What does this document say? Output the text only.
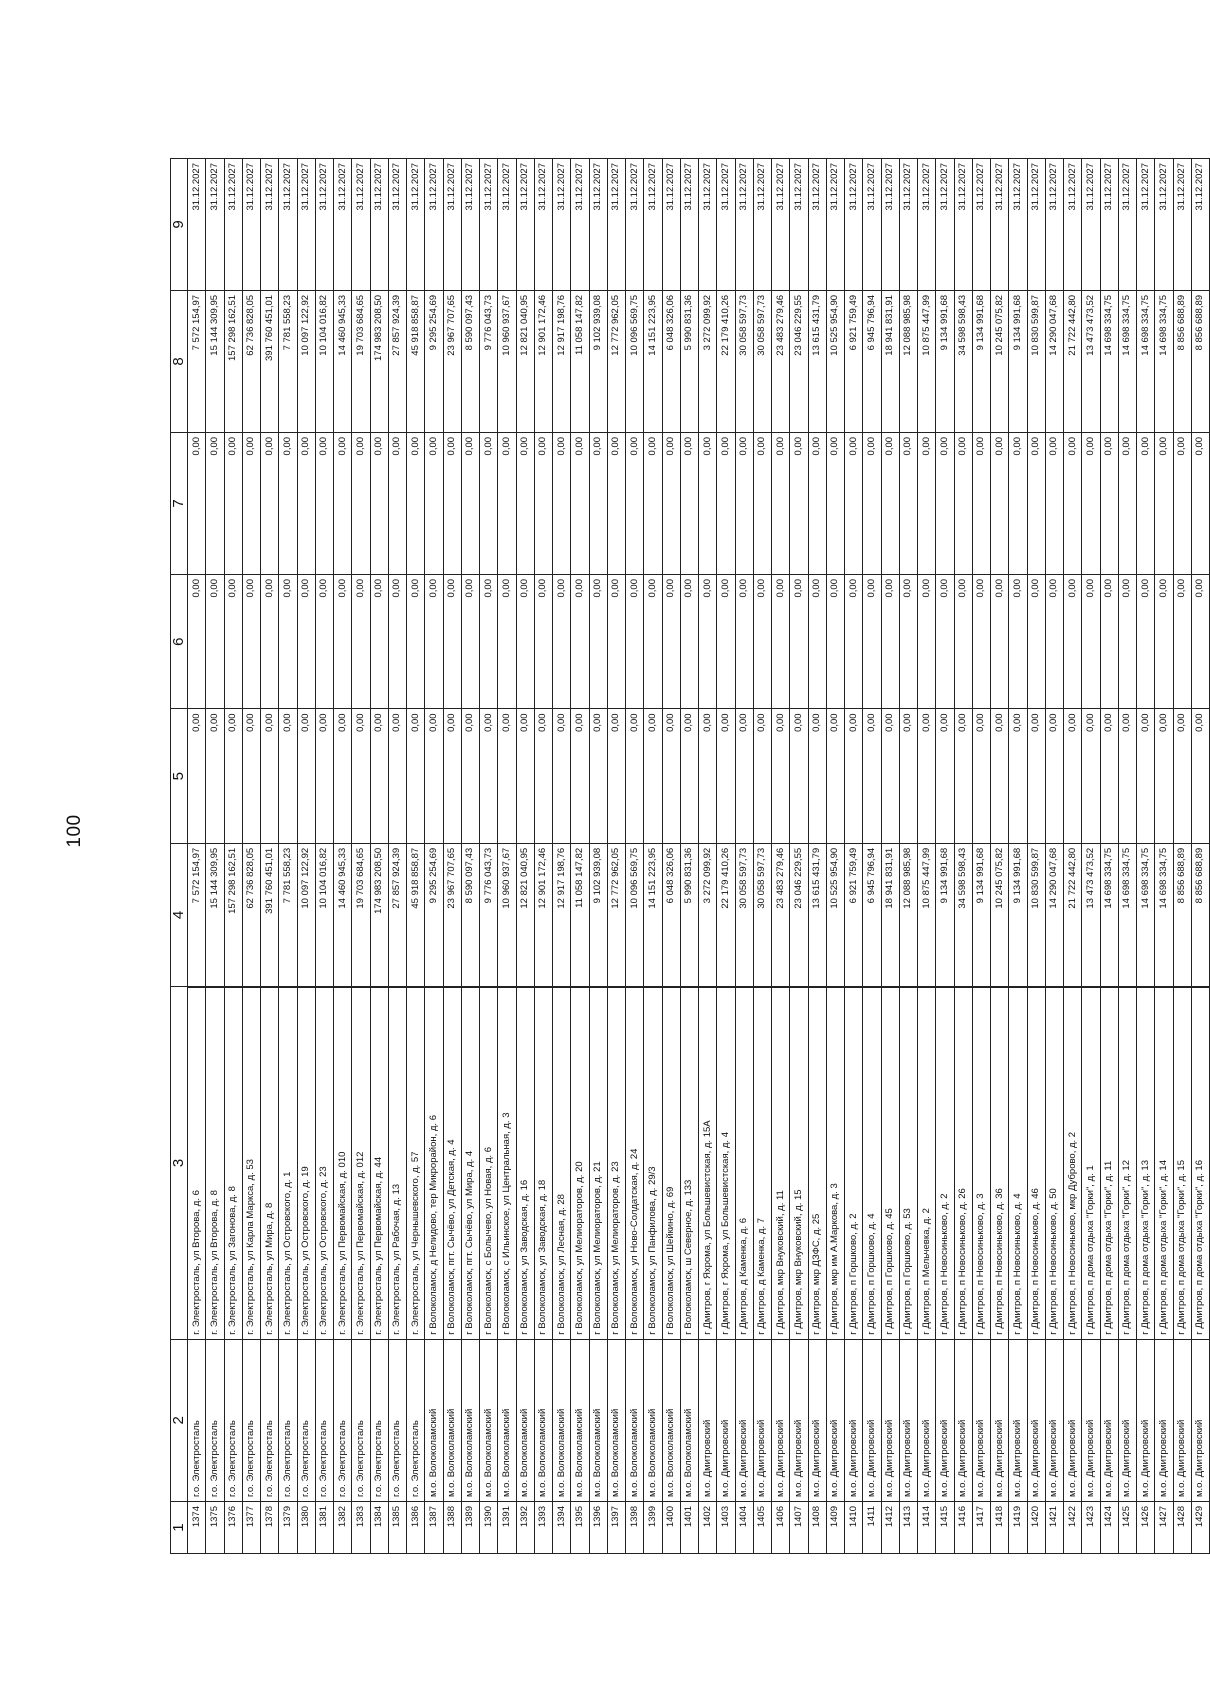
100
1	2	3	4	5	6	7	8	9
1374	г.о. Электросталь	г. Электросталь, ул Второва, д. 6	7 572 154,97	0,00	0,00	0,00	7 572 154,97	31.12.2027
1375	г.о. Электросталь	г. Электросталь, ул Второва, д. 8	15 144 309,95	0,00	0,00	0,00	15 144 309,95	31.12.2027
1376	г.о. Электросталь	г. Электросталь, ул Загонова, д. 8	157 298 162,51	0,00	0,00	0,00	157 298 162,51	31.12.2027
1377	г.о. Электросталь	г. Электросталь, ул Карла Маркса, д. 53	62 736 828,05	0,00	0,00	0,00	62 736 828,05	31.12.2027
1378	г.о. Электросталь	г. Электросталь, ул Мира, д. 8	391 760 451,01	0,00	0,00	0,00	391 760 451,01	31.12.2027
1379	г.о. Электросталь	г. Электросталь, ул Островского, д. 1	7 781 558,23	0,00	0,00	0,00	7 781 558,23	31.12.2027
1380	г.о. Электросталь	г. Электросталь, ул Островского, д. 19	10 097 122,92	0,00	0,00	0,00	10 097 122,92	31.12.2027
1381	г.о. Электросталь	г. Электросталь, ул Островского, д. 23	10 104 016,82	0,00	0,00	0,00	10 104 016,82	31.12.2027
1382	г.о. Электросталь	г. Электросталь, ул Первомайская, д. 010	14 460 945,33	0,00	0,00	0,00	14 460 945,33	31.12.2027
1383	г.о. Электросталь	г. Электросталь, ул Первомайская, д. 012	19 703 684,65	0,00	0,00	0,00	19 703 684,65	31.12.2027
1384	г.о. Электросталь	г. Электросталь, ул Первомайская, д. 44	174 983 208,50	0,00	0,00	0,00	174 983 208,50	31.12.2027
1385	г.о. Электросталь	г. Электросталь, ул Рабочая, д. 13	27 857 924,39	0,00	0,00	0,00	27 857 924,39	31.12.2027
1386	г.о. Электросталь	г. Электросталь, ул Чернышевского, д. 57	45 918 858,87	0,00	0,00	0,00	45 918 858,87	31.12.2027
1387	м.о. Волоколамский	г Волоколамск, д Нелидово, тер Микрорайон, д. 6	9 295 254,69	0,00	0,00	0,00	9 295 254,69	31.12.2027
1388	м.о. Волоколамский	г Волоколамск, пгт. Сычёво, ул Детская, д. 4	23 967 707,65	0,00	0,00	0,00	23 967 707,65	31.12.2027
1389	м.о. Волоколамский	г Волоколамск, пгт. Сычёво, ул Мира, д. 4	8 590 097,43	0,00	0,00	0,00	8 590 097,43	31.12.2027
1390	м.о. Волоколамский	г Волоколамск, с Болычево, ул Новая, д. 6	9 776 043,73	0,00	0,00	0,00	9 776 043,73	31.12.2027
1391	м.о. Волоколамский	г Волоколамск, с Ильинское, ул Центральная, д. 3	10 960 937,67	0,00	0,00	0,00	10 960 937,67	31.12.2027
1392	м.о. Волоколамский	г Волоколамск, ул Заводская, д. 16	12 821 040,95	0,00	0,00	0,00	12 821 040,95	31.12.2027
1393	м.о. Волоколамский	г Волоколамск, ул Заводская, д. 18	12 901 172,46	0,00	0,00	0,00	12 901 172,46	31.12.2027
1394	м.о. Волоколамский	г Волоколамск, ул Лесная, д. 28	12 917 198,76	0,00	0,00	0,00	12 917 198,76	31.12.2027
1395	м.о. Волоколамский	г Волоколамск, ул Мелиораторов, д. 20	11 058 147,82	0,00	0,00	0,00	11 058 147,82	31.12.2027
1396	м.о. Волоколамский	г Волоколамск, ул Мелиораторов, д. 21	9 102 939,08	0,00	0,00	0,00	9 102 939,08	31.12.2027
1397	м.о. Волоколамский	г Волоколамск, ул Мелиораторов, д. 23	12 772 962,05	0,00	0,00	0,00	12 772 962,05	31.12.2027
1398	м.о. Волоколамский	г Волоколамск, ул Ново-Солдатская, д. 24	10 096 569,75	0,00	0,00	0,00	10 096 569,75	31.12.2027
1399	м.о. Волоколамский	г Волоколамск, ул Панфилова, д. 29/3	14 151 223,95	0,00	0,00	0,00	14 151 223,95	31.12.2027
1400	м.о. Волоколамский	г Волоколамск, ул Шейкино, д. 69	6 048 326,06	0,00	0,00	0,00	6 048 326,06	31.12.2027
1401	м.о. Волоколамский	г Волоколамск, ш Северное, д. 133	5 990 831,36	0,00	0,00	0,00	5 990 831,36	31.12.2027
1402	м.о. Дмитровский	г Дмитров, г Яхрома, ул Большевистская, д. 15А	3 272 099,92	0,00	0,00	0,00	3 272 099,92	31.12.2027
1403	м.о. Дмитровский	г Дмитров, г Яхрома, ул Большевистская, д. 4	22 179 410,26	0,00	0,00	0,00	22 179 410,26	31.12.2027
1404	м.о. Дмитровский	г Дмитров, д Каменка, д. 6	30 058 597,73	0,00	0,00	0,00	30 058 597,73	31.12.2027
1405	м.о. Дмитровский	г Дмитров, д Каменка, д. 7	30 058 597,73	0,00	0,00	0,00	30 058 597,73	31.12.2027
1406	м.о. Дмитровский	г Дмитров, мкр Внуковский, д. 11	23 483 279,46	0,00	0,00	0,00	23 483 279,46	31.12.2027
1407	м.о. Дмитровский	г Дмитров, мкр Внуковский, д. 15	23 046 229,55	0,00	0,00	0,00	23 046 229,55	31.12.2027
1408	м.о. Дмитровский	г Дмитров, мкр ДЗФС, д. 25	13 615 431,79	0,00	0,00	0,00	13 615 431,79	31.12.2027
1409	м.о. Дмитровский	г Дмитров, мкр им А.Маркова, д. 3	10 525 954,90	0,00	0,00	0,00	10 525 954,90	31.12.2027
1410	м.о. Дмитровский	г Дмитров, п Горшково, д. 2	6 921 759,49	0,00	0,00	0,00	6 921 759,49	31.12.2027
1411	м.о. Дмитровский	г Дмитров, п Горшково, д. 4	6 945 796,94	0,00	0,00	0,00	6 945 796,94	31.12.2027
1412	м.о. Дмитровский	г Дмитров, п Горшково, д. 45	18 941 831,91	0,00	0,00	0,00	18 941 831,91	31.12.2027
1413	м.о. Дмитровский	г Дмитров, п Горшково, д. 53	12 088 985,98	0,00	0,00	0,00	12 088 985,98	31.12.2027
1414	м.о. Дмитровский	г Дмитров, п Мельчевка, д. 2	10 875 447,99	0,00	0,00	0,00	10 875 447,99	31.12.2027
1415	м.о. Дмитровский	г Дмитров, п Новосиньково, д. 2	9 134 991,68	0,00	0,00	0,00	9 134 991,68	31.12.2027
1416	м.о. Дмитровский	г Дмитров, п Новосиньково, д. 26	34 598 598,43	0,00	0,00	0,00	34 598 598,43	31.12.2027
1417	м.о. Дмитровский	г Дмитров, п Новосиньково, д. 3	9 134 991,68	0,00	0,00	0,00	9 134 991,68	31.12.2027
1418	м.о. Дмитровский	г Дмитров, п Новосиньково, д. 36	10 245 075,82	0,00	0,00	0,00	10 245 075,82	31.12.2027
1419	м.о. Дмитровский	г Дмитров, п Новосиньково, д. 4	9 134 991,68	0,00	0,00	0,00	9 134 991,68	31.12.2027
1420	м.о. Дмитровский	г Дмитров, п Новосиньково, д. 46	10 830 599,87	0,00	0,00	0,00	10 830 599,87	31.12.2027
1421	м.о. Дмитровский	г Дмитров, п Новосиньково, д. 50	14 290 047,68	0,00	0,00	0,00	14 290 047,68	31.12.2027
1422	м.о. Дмитровский	г Дмитров, п Новосиньково, мкр Дуброво, д. 2	21 722 442,80	0,00	0,00	0,00	21 722 442,80	31.12.2027
1423	м.о. Дмитровский	г Дмитров, п дома отдыха "Горки", д. 1	13 473 473,52	0,00	0,00	0,00	13 473 473,52	31.12.2027
1424	м.о. Дмитровский	г Дмитров, п дома отдыха "Горки", д. 11	14 698 334,75	0,00	0,00	0,00	14 698 334,75	31.12.2027
1425	м.о. Дмитровский	г Дмитров, п дома отдыха "Горки", д. 12	14 698 334,75	0,00	0,00	0,00	14 698 334,75	31.12.2027
1426	м.о. Дмитровский	г Дмитров, п дома отдыха "Горки", д. 13	14 698 334,75	0,00	0,00	0,00	14 698 334,75	31.12.2027
1427	м.о. Дмитровский	г Дмитров, п дома отдыха "Горки", д. 14	14 698 334,75	0,00	0,00	0,00	14 698 334,75	31.12.2027
1428	м.о. Дмитровский	г Дмитров, п дома отдыха "Горки", д. 15	8 856 688,89	0,00	0,00	0,00	8 856 688,89	31.12.2027
1429	м.о. Дмитровский	г Дмитров, п дома отдыха "Горки", д. 16	8 856 688,89	0,00	0,00	0,00	8 856 688,89	31.12.2027
